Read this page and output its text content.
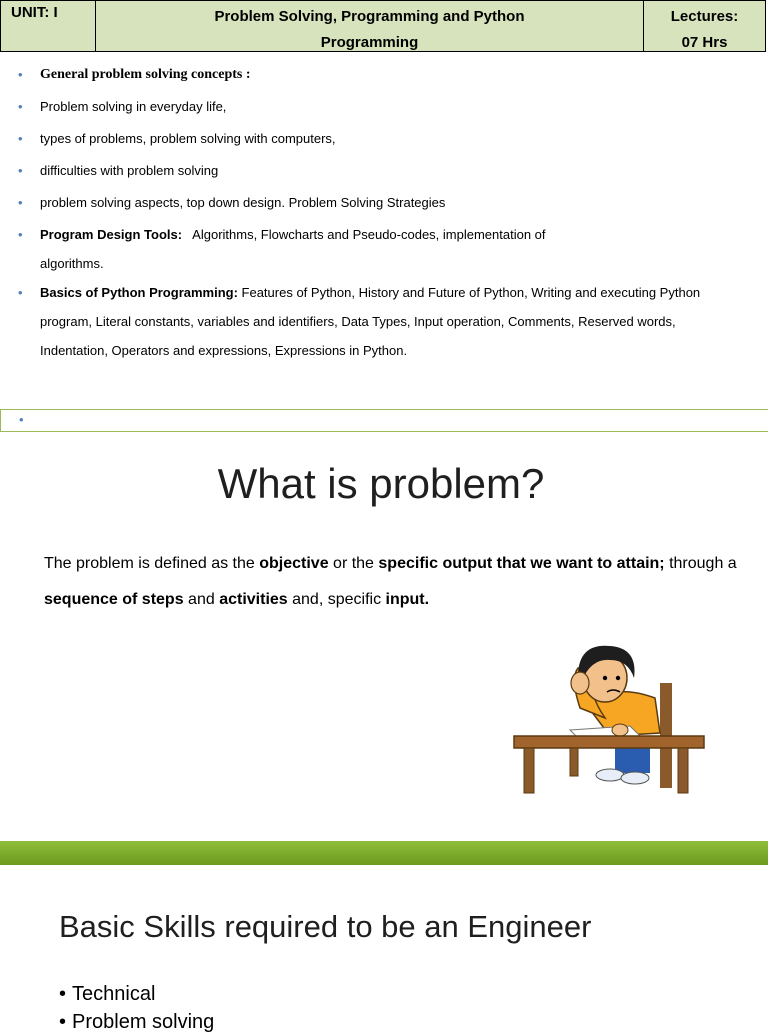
UNIT: I	Problem Solving, Programming and Python
Programming
Lectures:
07 Hrs
• General problem solving concepts :
• Problem solving in everyday life,
• types of problems, problem solving with computers,
• difficulties with problem solving
• problem solving aspects, top down design. Problem Solving Strategies
• Program Design Tools:   Algorithms, Flowcharts and Pseudo-codes, implementation of algorithms.
• Basics of Python Programming: Features of Python, History and Future of Python, Writing and executing Python program, Literal constants, variables and identifiers, Data Types, Input operation, Comments, Reserved words, Indentation, Operators and expressions, Expressions in Python.
•
What is problem?
The problem is defined as the objective or the specific output that we want to attain; through a sequence of steps and activities and, specific input.
Basic Skills required to be an Engineer
• Technical
• Problem solving
